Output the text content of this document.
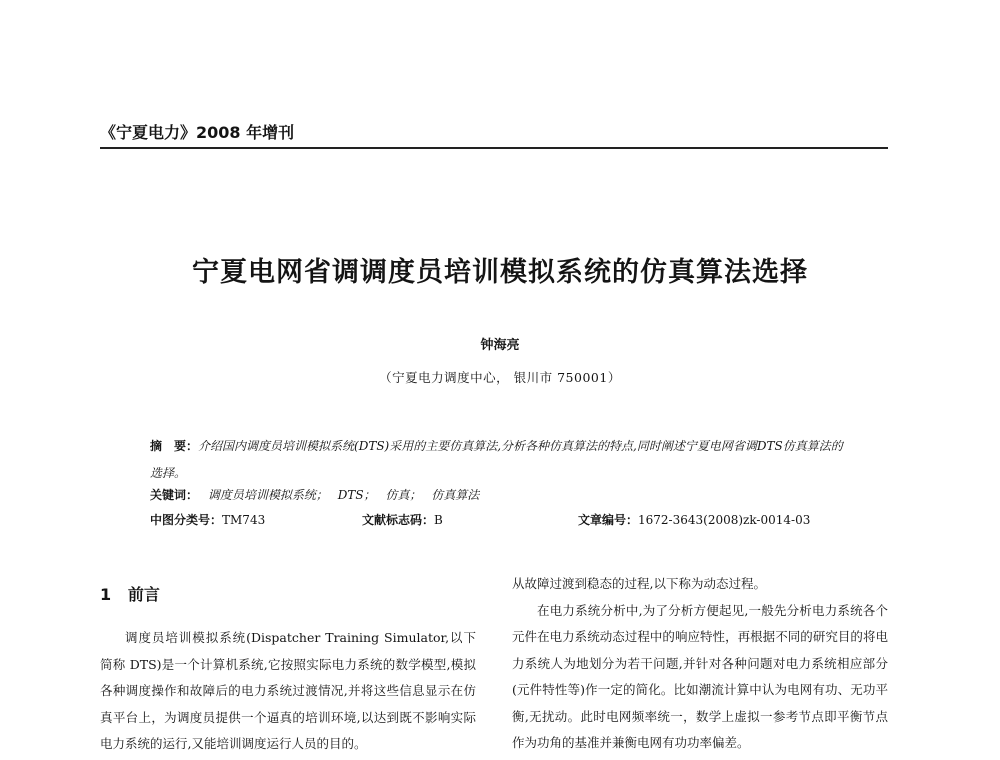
《宁夏电力》2008 年增刊
宁夏电网省调调度员培训模拟系统的仿真算法选择
钟海亮
（宁夏电力调度中心， 银川市 750001）
摘　要：介绍国内调度员培训模拟系统(DTS)采用的主要仿真算法,分析各种仿真算法的特点,同时阐述宁夏电网省调DTS仿真算法的选择。
关键词： 调度员培训模拟系统； DTS； 仿真； 仿真算法
中图分类号：TM743	文献标志码：B	文章编号：1672-3643(2008)zk-0014-03
1 前言

调度员培训模拟系统(Dispatcher Training Simulator,以下简称 DTS)是一个计算机系统,它按照实际电力系统的数学模型,模拟各种调度操作和故障后的电力系统过渡情况,并将这些信息显示在仿真平台上，为调度员提供一个逼真的培训环境,以达到既不影响实际电力系统的运行,又能培训调度运行人员的目的。

从故障过渡到稳态的过程,以下称为动态过程。

在电力系统分析中,为了分析方便起见,一般先分析电力系统各个元件在电力系统动态过程中的响应特性，再根据不同的研究目的将电力系统人为地划分为若干问题,并针对各种问题对电力系统相应部分(元件特性等)作一定的简化。比如潮流计算中认为电网有功、无功平衡,无扰动。此时电网频率统一，数学上虚拟一参考节点即平衡节点作为功角的基准并兼衡电网有功功率偏差。
